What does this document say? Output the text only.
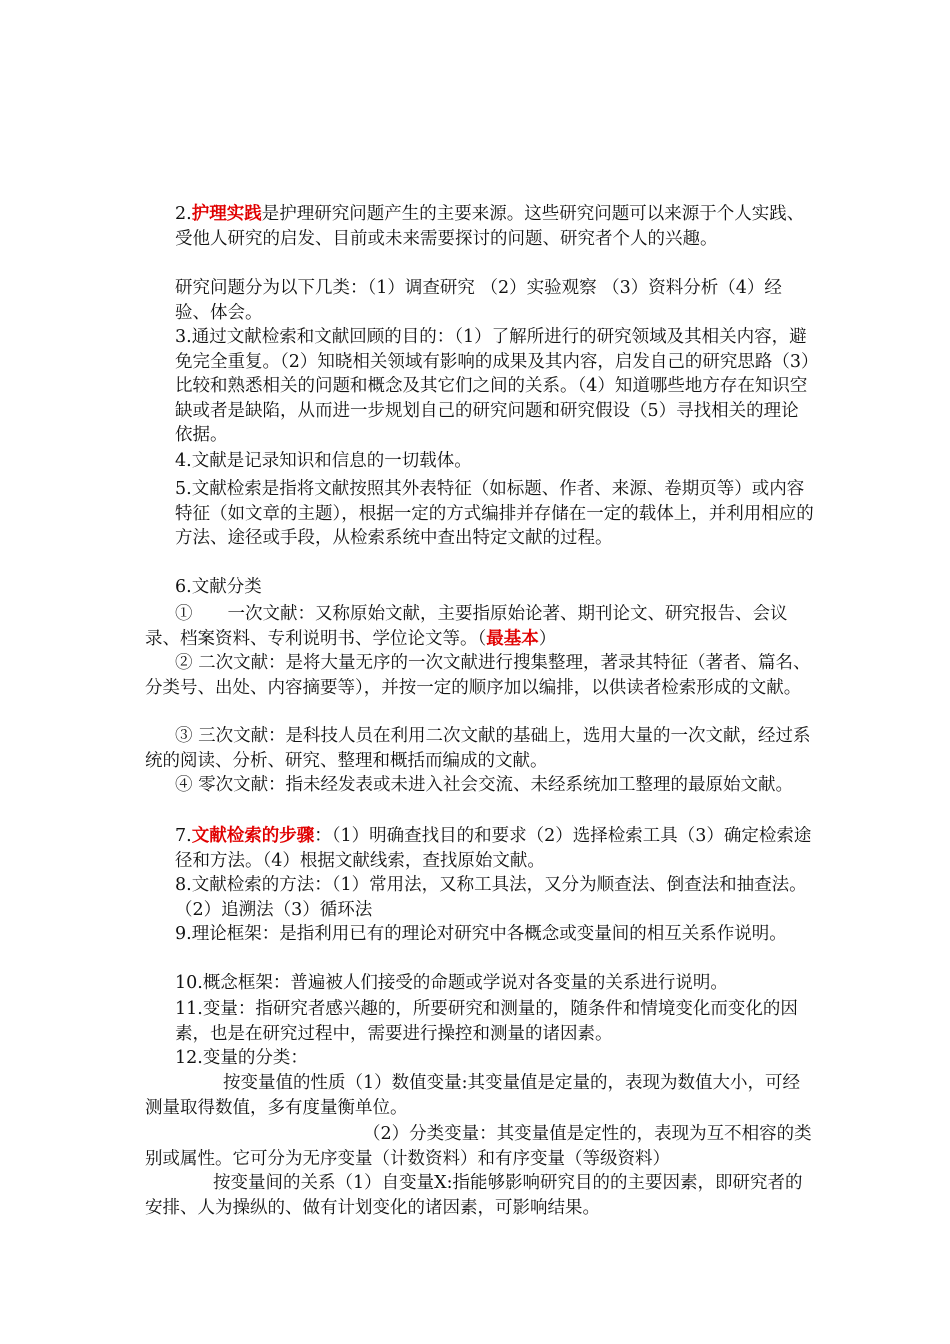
2.护理实践是护理研究问题产生的主要来源。这些研究问题可以来源于个人实践、受他人研究的启发、目前或未来需要探讨的问题、研究者个人的兴趣。

研究问题分为以下几类：（1）调查研究 （2）实验观察 （3）资料分析（4）经验、体会。

3.通过文献检索和文献回顾的目的：（1）了解所进行的研究领域及其相关内容，避免完全重复。（2）知晓相关领域有影响的成果及其内容，启发自己的研究思路（3）比较和熟悉相关的问题和概念及其它们之间的关系。（4）知道哪些地方存在知识空缺或者是缺陷，从而进一步规划自己的研究问题和研究假设（5）寻找相关的理论依据。

4.文献是记录知识和信息的一切载体。

5.文献检索是指将文献按照其外表特征（如标题、作者、来源、卷期页等）或内容特征（如文章的主题），根据一定的方式编排并存储在一定的载体上，并利用相应的方法、途径或手段，从检索系统中查出特定文献的过程。

6.文献分类

①　　一次文献：又称原始文献，主要指原始论著、期刊论文、研究报告、会议录、档案资料、专利说明书、学位论文等。（最基本）

② 二次文献：是将大量无序的一次文献进行搜集整理，著录其特征（著者、篇名、分类号、出处、内容摘要等），并按一定的顺序加以编排，以供读者检索形成的文献。

③ 三次文献：是科技人员在利用二次文献的基础上，选用大量的一次文献，经过系统的阅读、分析、研究、整理和概括而编成的文献。

④ 零次文献：指未经发表或未进入社会交流、未经系统加工整理的最原始文献。

7.文献检索的步骤：（1）明确查找目的和要求（2）选择检索工具（3）确定检索途径和方法。（4）根据文献线索，查找原始文献。

8.文献检索的方法：（1）常用法，又称工具法，又分为顺查法、倒查法和抽查法。（2）追溯法（3）循环法

9.理论框架：是指利用已有的理论对研究中各概念或变量间的相互关系作说明。

10.概念框架：普遍被人们接受的命题或学说对各变量的关系进行说明。

11.变量：指研究者感兴趣的，所要研究和测量的，随条件和情境变化而变化的因素，也是在研究过程中，需要进行操控和测量的诸因素。

12.变量的分类：

按变量值的性质（1）数值变量:其变量值是定量的，表现为数值大小，可经测量取得数值，多有度量衡单位。

（2）分类变量：其变量值是定性的，表现为互不相容的类别或属性。它可分为无序变量（计数资料）和有序变量（等级资料）

按变量间的关系（1）自变量X:指能够影响研究目的的主要因素，即研究者的安排、人为操纵的、做有计划变化的诸因素，可影响结果。
